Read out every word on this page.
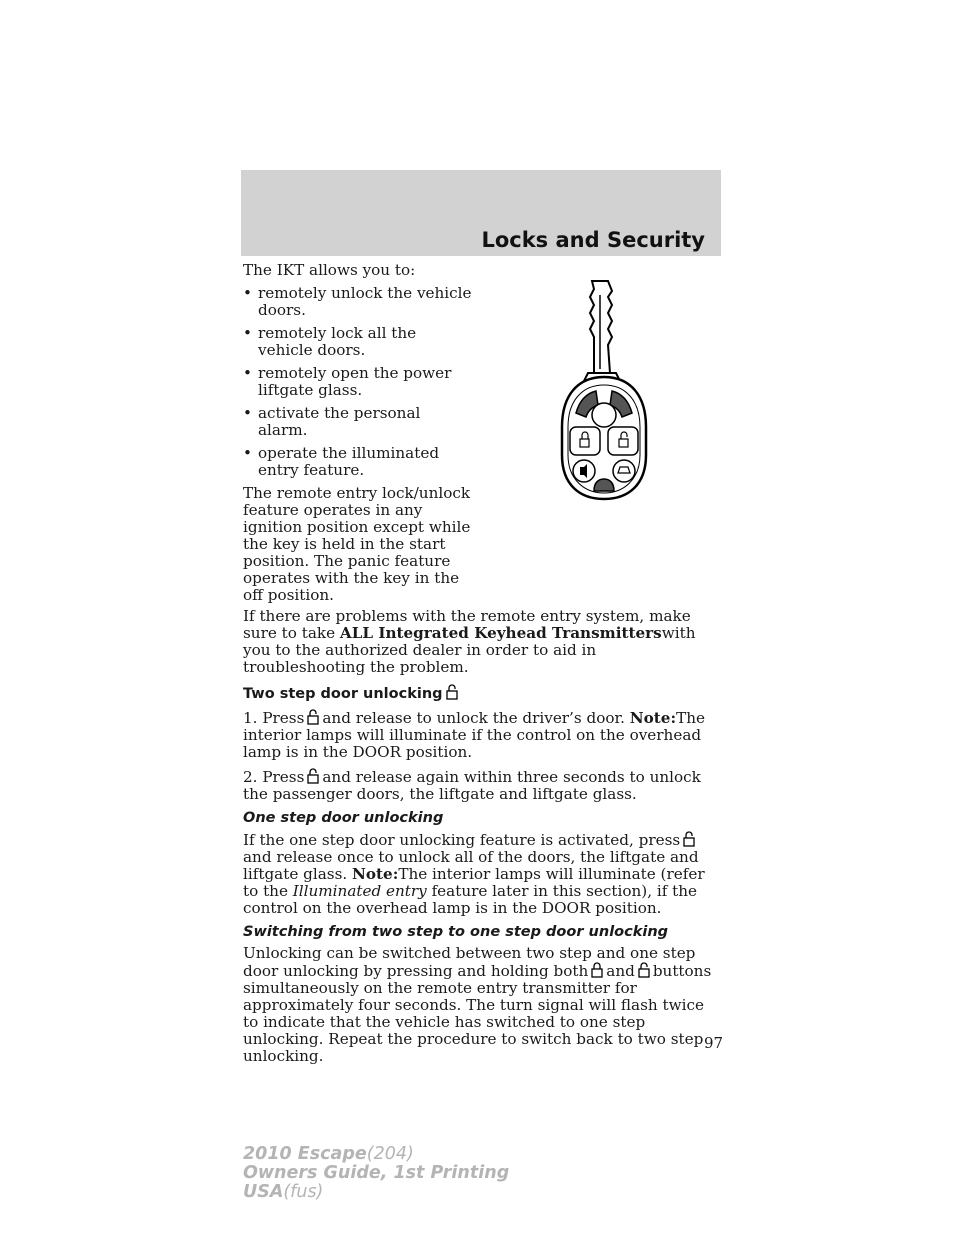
Locks and Security

The IKT allows you to:

• remotely unlock the vehicle doors.
• remotely lock all the vehicle doors.
• remotely open the power liftgate glass.
• activate the personal alarm.
• operate the illuminated entry feature.

The remote entry lock/unlock feature operates in any ignition position except while the key is held in the start position. The panic feature operates with the key in the off position.

If there are problems with the remote entry system, make sure to take ALL Integrated Keyhead Transmitterswith you to the authorized dealer in order to aid in troubleshooting the problem.

Two step door unlocking

1. Press and release to unlock the driver’s door. Note:The interior lamps will illuminate if the control on the overhead lamp is in the DOOR position.

2. Press and release again within three seconds to unlock the passenger doors, the liftgate and liftgate glass.

One step door unlocking

If the one step door unlocking feature is activated, pressand release once to unlock all of the doors, the liftgate and liftgate glass. Note:The interior lamps will illuminate (refer to the Illuminated entry feature later in this section), if the control on the overhead lamp is in the DOOR position.

Switching from two step to one step door unlocking

Unlocking can be switched between two step and one step door unlocking by pressing and holding both and buttons simultaneously on the remote entry transmitter for approximately four seconds. The turn signal will flash twice to indicate that the vehicle has switched to one step unlocking. Repeat the procedure to switch back to two step unlocking.

97
2010 Escape(204)
Owners Guide, 1st Printing
USA(fus)
